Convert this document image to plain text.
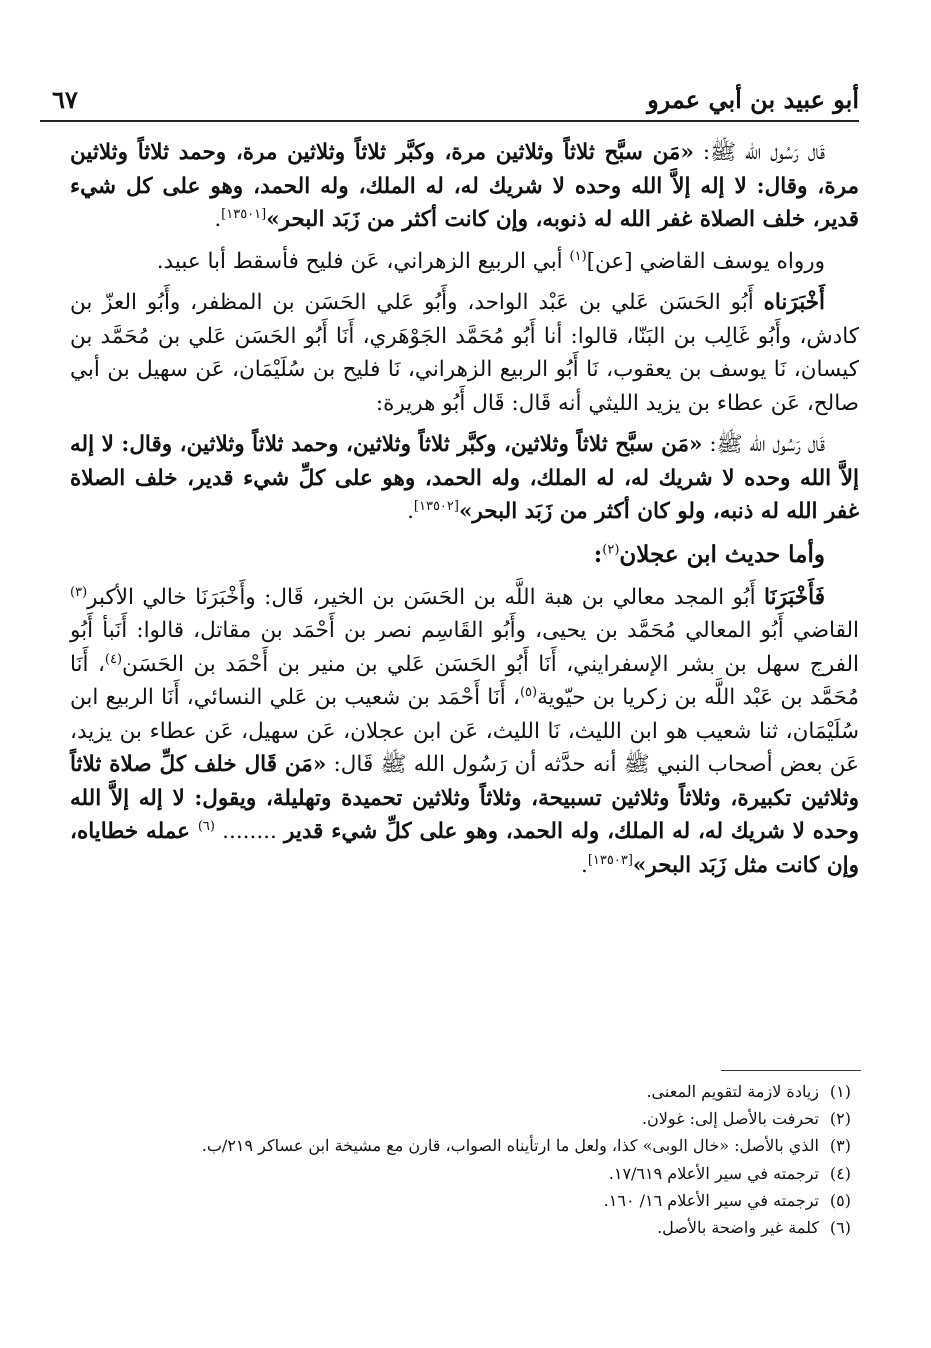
أبو عبيد بن أبي عمرو
٦٧

قَال رَسُول الله ﷺ: «مَن سبَّح ثلاثاً وثلاثين مرة، وكبَّر ثلاثاً وثلاثين مرة، وحمد ثلاثاً وثلاثين مرة، وقال: لا إله إلاَّ الله وحده لا شريك له، له الملك، وله الحمد، وهو على كل شيء قدير، خلف الصلاة غفر الله له ذنوبه، وإن كانت أكثر من زَبَد البحر»[١٣٥٠١].

ورواه يوسف القاضي [عن]$^{(١)}$ أبي الربيع الزهراني، عَن فليح فأسقط أبا عبيد.

أَخْبَرَناه أَبُو الحَسَن عَلي بن عَبْد الواحد، وأَبُو عَلي الحَسَن بن المظفر، وأَبُو العزّ بن كادش، وأَبُو غَالِب بن البَنّا، قالوا: أنا أَبُو مُحَمَّد الجَوْهَري، أَنَا أَبُو الحَسَن عَلي بن مُحَمَّد بن كيسان، نَا يوسف بن يعقوب، نَا أَبُو الربيع الزهراني، نَا فليح بن سُلَيْمَان، عَن سهيل بن أبي صالح، عَن عطاء بن يزيد الليثي أنه قَال: قَال أَبُو هريرة:

قَال رَسُول الله ﷺ: «مَن سبَّح ثلاثاً وثلاثين، وكبَّر ثلاثاً وثلاثين، وحمد ثلاثاً وثلاثين، وقال: لا إله إلاَّ الله وحده لا شريك له، له الملك، وله الحمد، وهو على كلِّ شيء قدير، خلف الصلاة غفر الله له ذنبه، ولو كان أكثر من زَبَد البحر»[١٣٥٠٢].

وأما حديث ابن عجلان$^{(٢)}$:

فَأَخْبَرَنَا أَبُو المجد معالي بن هبة اللَّه بن الحَسَن بن الخير، قَال: وأَخْبَرَنَا خالي الأكبر$^{(٣)}$ القاضي أَبُو المعالي مُحَمَّد بن يحيى، وأَبُو القَاسِم نصر بن أَحْمَد بن مقاتل، قالوا: أَنَبأ أَبُو الفرج سهل بن بشر الإسفرايني، أَنَا أَبُو الحَسَن عَلي بن منير بن أَحْمَد بن الحَسَن$^{(٤)}$، أَنَا مُحَمَّد بن عَبْد اللَّه بن زكريا بن حيّوية$^{(٥)}$، أَنَا أَحْمَد بن شعيب بن عَلي النسائي، أَنَا الربيع ابن سُلَيْمَان، ثنا شعيب هو ابن الليث، نَا الليث، عَن ابن عجلان، عَن سهيل، عَن عطاء بن يزيد، عَن بعض أصحاب النبي ﷺ أنه حدَّثه أن رَسُول الله ﷺ قَال: «مَن قَال خلف كلِّ صلاة ثلاثاً وثلاثين تكبيرة، وثلاثاً وثلاثين تسبيحة، وثلاثاً وثلاثين تحميدة وتهليلة، ويقول: لا إله إلاَّ الله وحده لا شريك له، له الملك، وله الحمد، وهو على كلِّ شيء قدير ........ $^{(٦)}$ عمله خطاياه، وإن كانت مثل زَبَد البحر»[١٣٥٠٣].

(١)
زيادة لازمة لتقويم المعنى.
(٢)
تحرفت بالأصل إلى: غولان.
(٣)
الذي بالأصل: «خال الوبى» كذا، ولعل ما ارتأيناه الصواب، قارن مع مشيخة ابن عساكر ٢١٩/ب.
(٤)
ترجمته في سير الأعلام ١٧/٦١٩.
(٥)
ترجمته في سير الأعلام ١٦/ ١٦٠.
(٦)
كلمة غير واضحة بالأصل.
